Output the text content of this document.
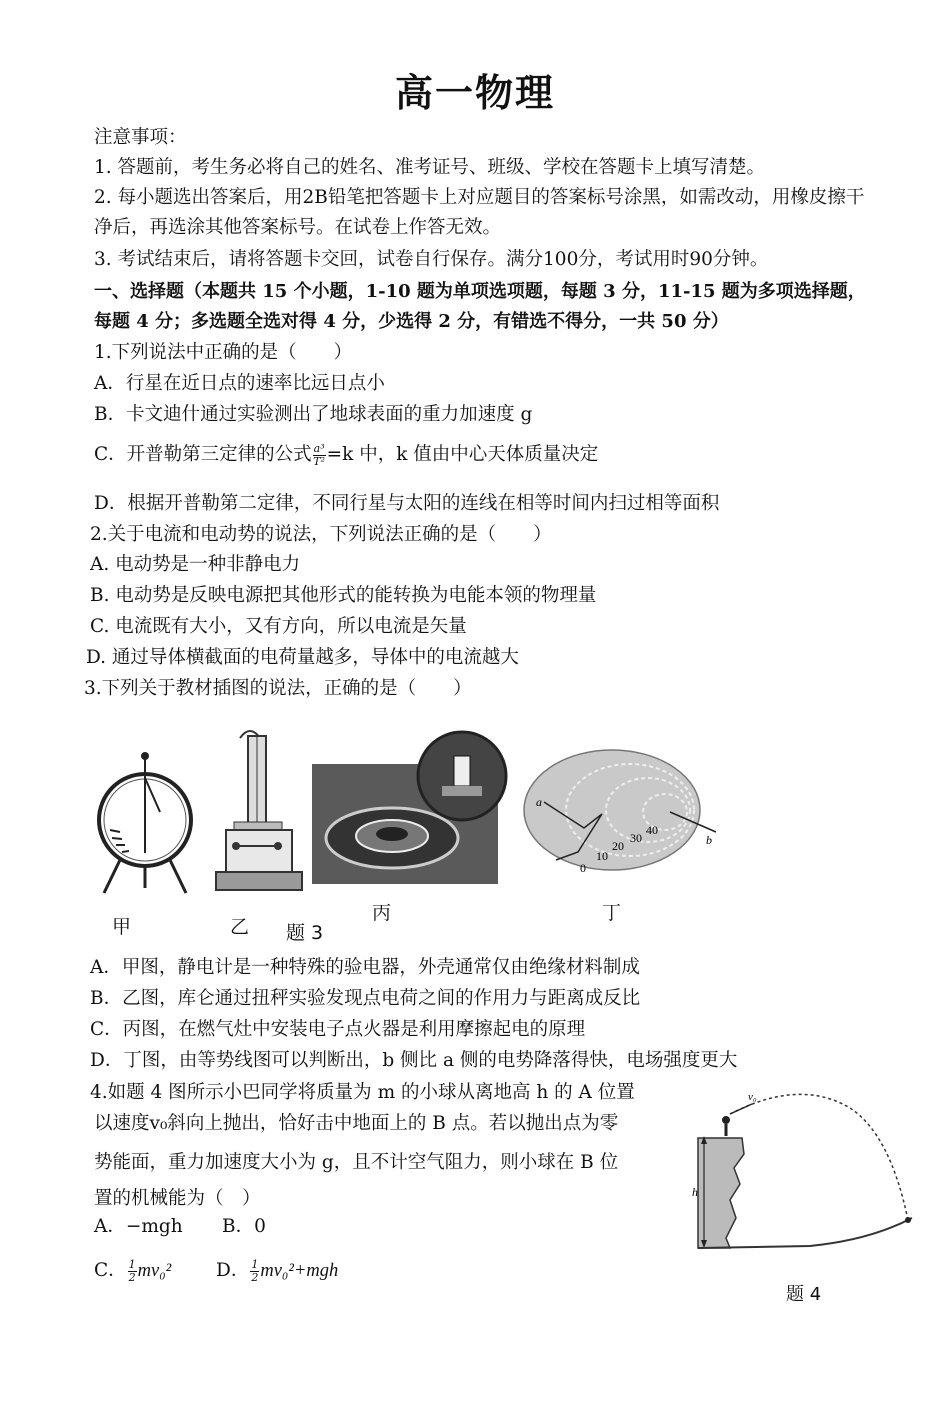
高一物理
注意事项：
1. 答题前，考生务必将自己的姓名、准考证号、班级、学校在答题卡上填写清楚。
2. 每小题选出答案后，用2B铅笔把答题卡上对应题目的答案标号涂黑，如需改动，用橡皮擦干
净后，再选涂其他答案标号。在试卷上作答无效。
3. 考试结束后，请将答题卡交回，试卷自行保存。满分100分，考试用时90分钟。
一、选择题（本题共 15 个小题，1-10 题为单项选项题，每题 3 分，11-15 题为多项选择题，
每题 4 分；多选题全选对得 4 分，少选得 2 分，有错选不得分，一共 50 分）
1.下列说法中正确的是（　　）
A．行星在近日点的速率比远日点小
B．卡文迪什通过实验测出了地球表面的重力加速度 g
C．开普勒第三定律的公式 $\frac{\text{a³}}{\text{T²}} =k$ 中，k 值由中心天体质量决定
D．根据开普勒第二定律，不同行星与太阳的连线在相等时间内扫过相等面积
2.关于电流和电动势的说法，下列说法正确的是（　　）
A. 电动势是一种非静电力
B. 电动势是反映电源把其他形式的能转换为电能本领的物理量
C. 电流既有大小，又有方向，所以电流是矢量
D. 通过导体横截面的电荷量越多，导体中的电流越大
3.下列关于教材插图的说法，正确的是（　　）
a
b
0
10
20
30
40
甲	乙 题 3
丙	丁
A．甲图，静电计是一种特殊的验电器，外壳通常仅由绝缘材料制成
B．乙图，库仑通过扭秤实验发现点电荷之间的作用力与距离成反比
C．丙图，在燃气灶中安装电子点火器是利用摩擦起电的原理
D．丁图，由等势线图可以判断出，b 侧比 a 侧的电势降落得快，电场强度更大
4.如题 4 图所示小巴同学将质量为 m 的小球从离地高 h 的 A 位置
以速度v₀斜向上抛出，恰好击中地面上的 B 点。若以抛出点为零
势能面，重力加速度大小为 g，且不计空气阻力，则小球在 B 位
置的机械能为（　）
A．−mgh B．0
C． $\frac{1}{2} mv_0^2$ D． $\frac{1}{2} mv_0^2+mgh$
v₀
h
题 4
